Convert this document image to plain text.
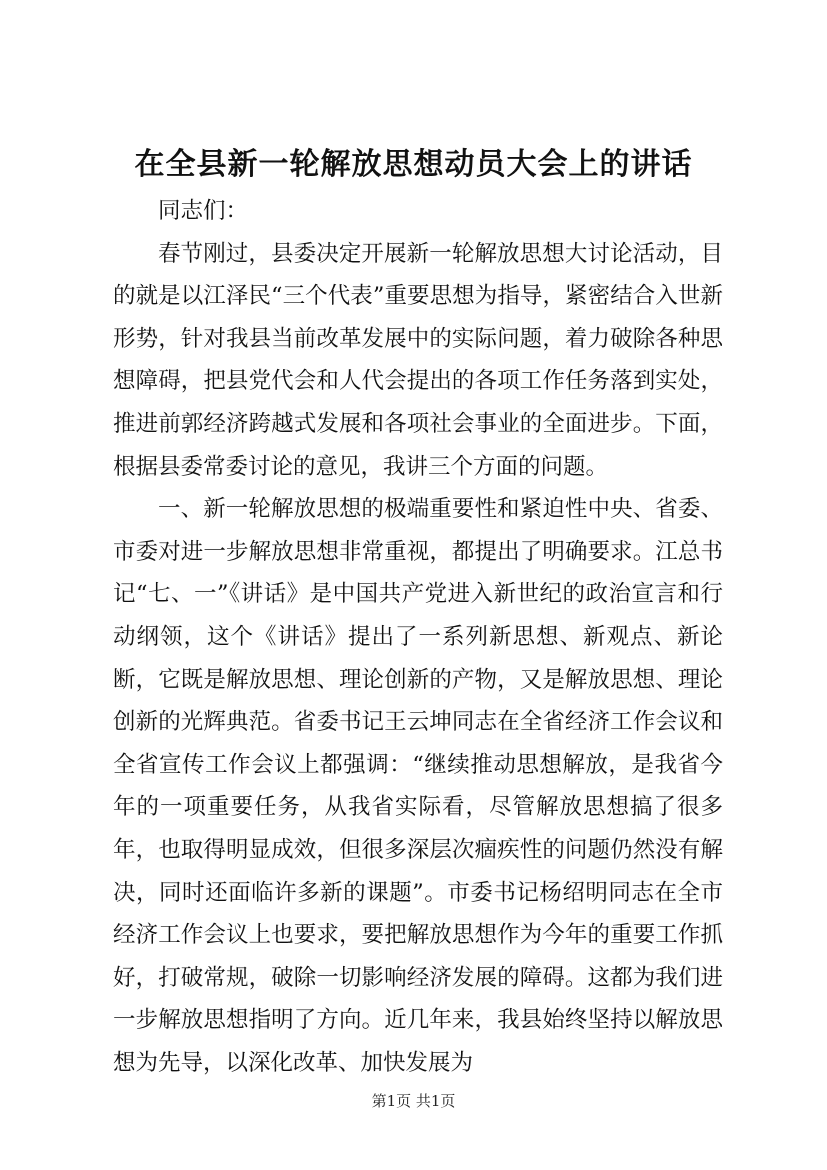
在全县新一轮解放思想动员大会上的讲话

同志们：

春节刚过，县委决定开展新一轮解放思想大讨论活动，目的就是以江泽民“三个代表”重要思想为指导，紧密结合入世新形势，针对我县当前改革发展中的实际问题，着力破除各种思想障碍，把县党代会和人代会提出的各项工作任务落到实处，推进前郭经济跨越式发展和各项社会事业的全面进步。下面，根据县委常委讨论的意见，我讲三个方面的问题。

一、新一轮解放思想的极端重要性和紧迫性中央、省委、市委对进一步解放思想非常重视，都提出了明确要求。江总书记“七、一”《讲话》是中国共产党进入新世纪的政治宣言和行动纲领，这个《讲话》提出了一系列新思想、新观点、新论断，它既是解放思想、理论创新的产物，又是解放思想、理论创新的光辉典范。省委书记王云坤同志在全省经济工作会议和全省宣传工作会议上都强调：“继续推动思想解放，是我省今年的一项重要任务，从我省实际看，尽管解放思想搞了很多年，也取得明显成效，但很多深层次痼疾性的问题仍然没有解决，同时还面临许多新的课题”。市委书记杨绍明同志在全市经济工作会议上也要求，要把解放思想作为今年的重要工作抓好，打破常规，破除一切影响经济发展的障碍。这都为我们进一步解放思想指明了方向。近几年来，我县始终坚持以解放思想为先导，以深化改革、加快发展为

第1页 共1页
